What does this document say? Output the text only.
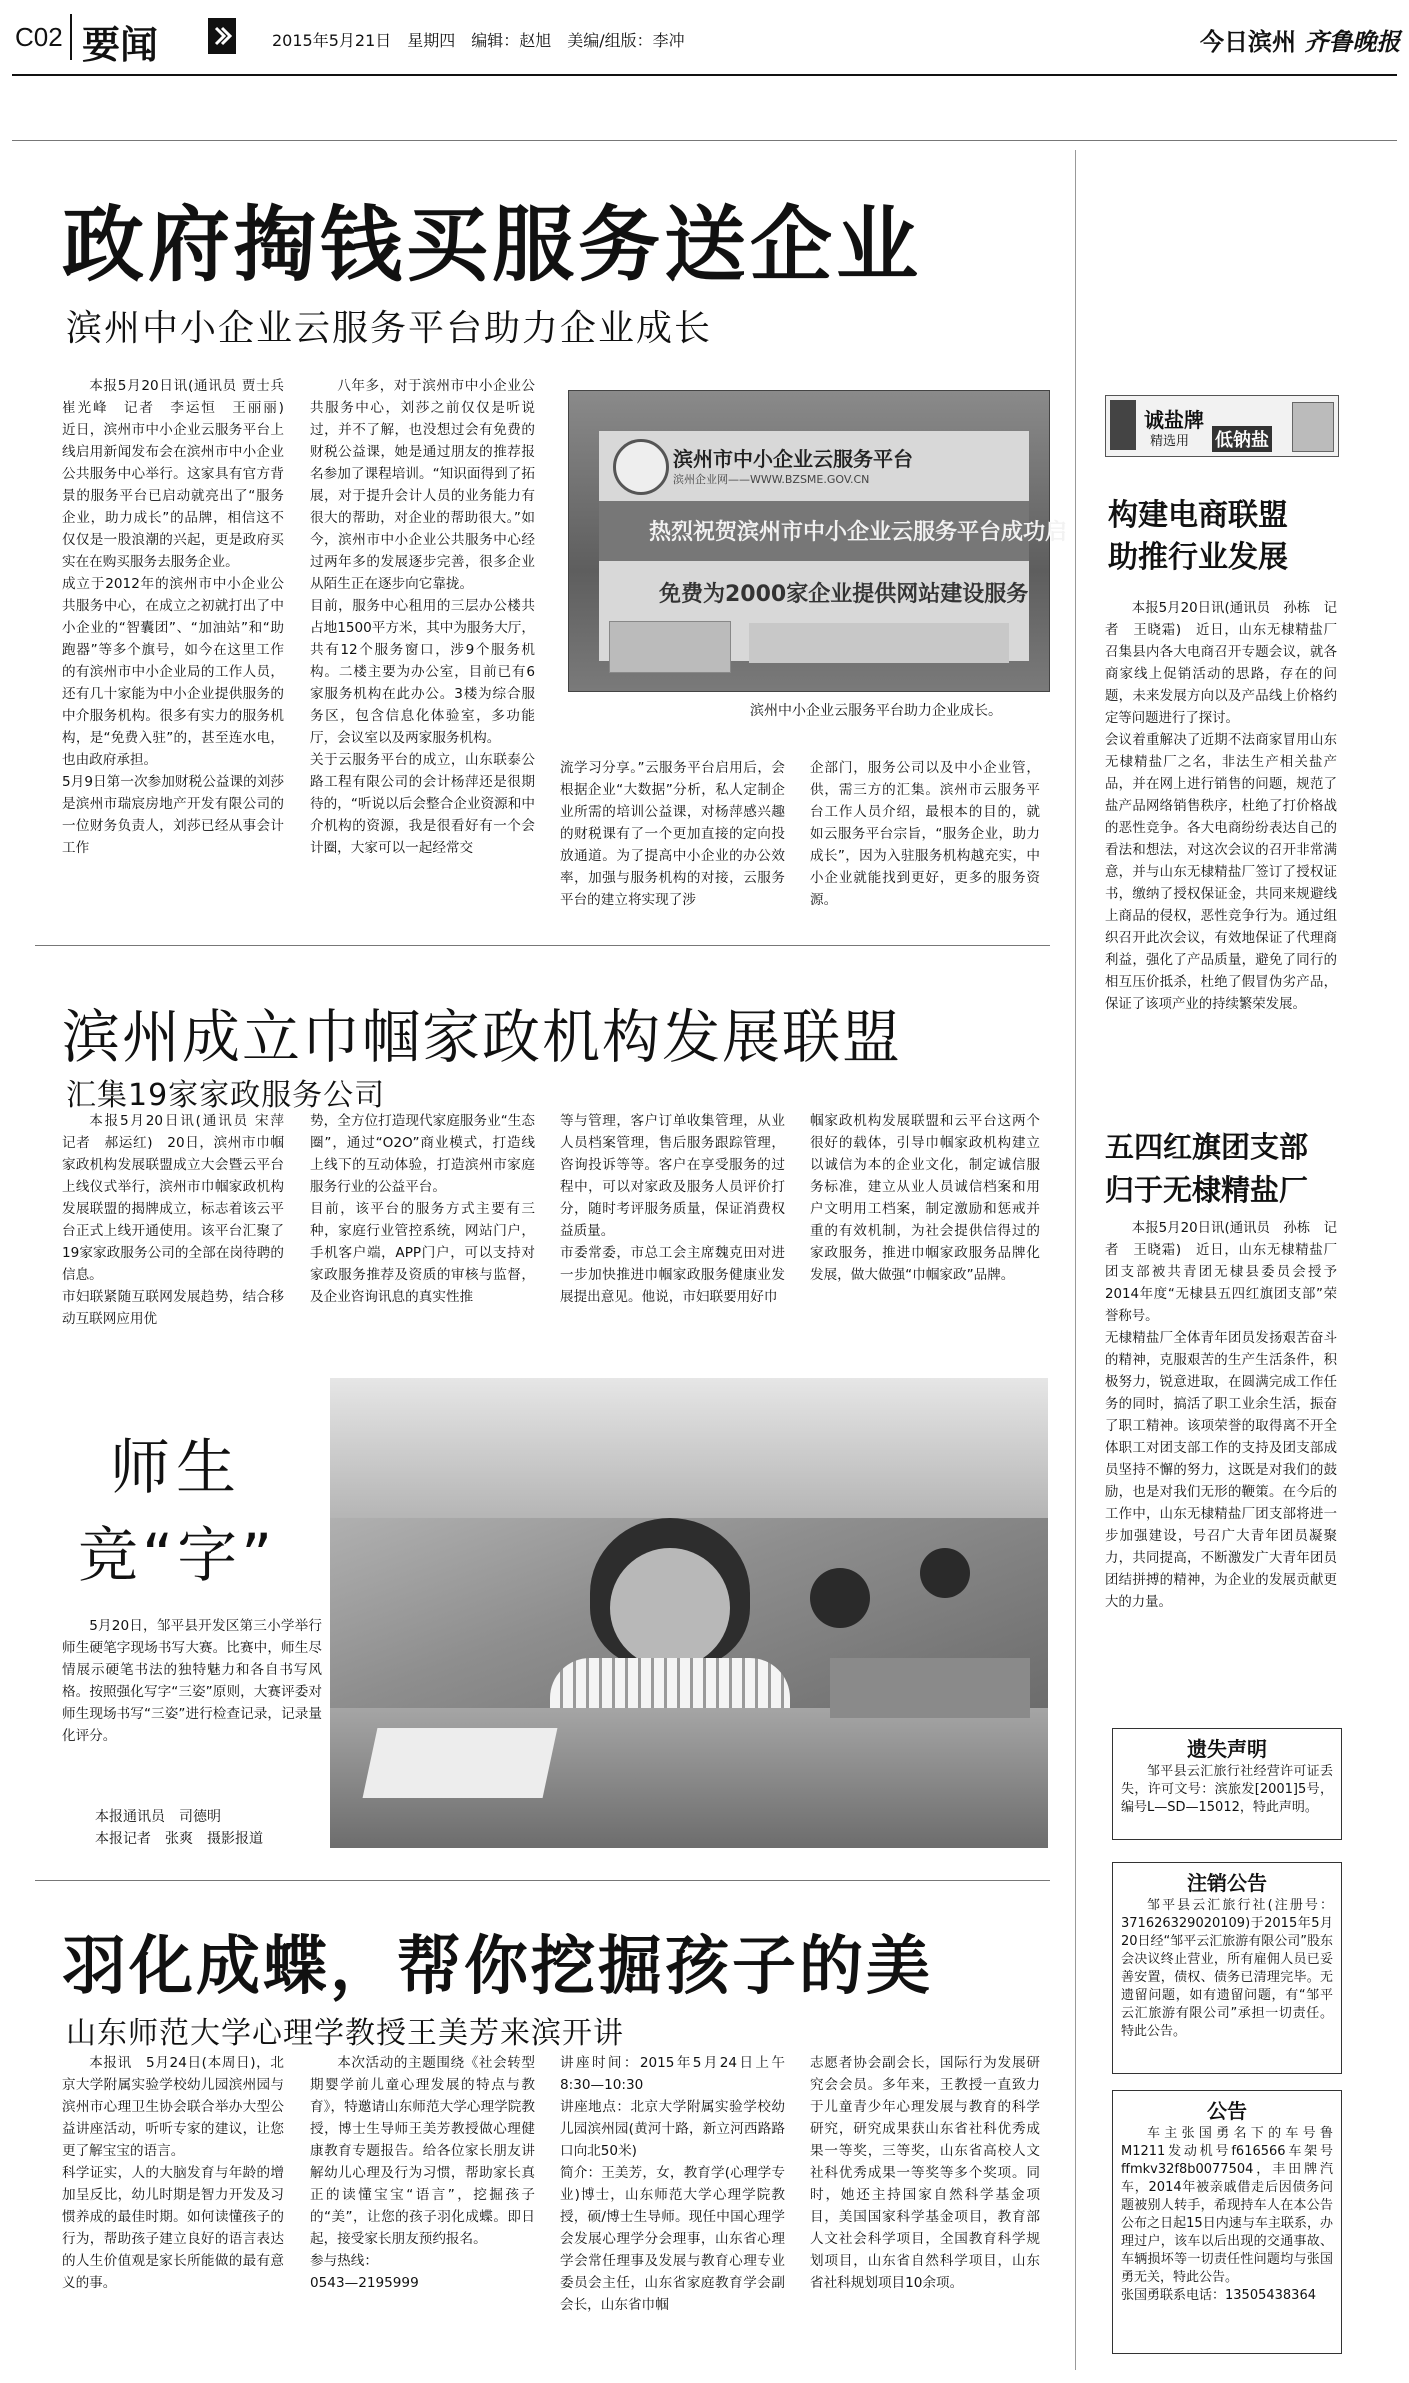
C02 要闻	2015年5月21日　星期四　编辑：赵旭　美编/组版：李冲	今日滨州 齐鲁晚报
政府掏钱买服务送企业
滨州中小企业云服务平台助力企业成长

本报5月20日讯(通讯员 贾士兵　崔光峰　记者　李运恒　王丽丽)　近日，滨州市中小企业云服务平台上线启用新闻发布会在滨州市中小企业公共服务中心举行。这家具有官方背景的服务平台已启动就亮出了“服务企业，助力成长”的品牌，相信这不仅仅是一股浪潮的兴起，更是政府买实在在购买服务去服务企业。
成立于2012年的滨州市中小企业公共服务中心，在成立之初就打出了中小企业的“智囊团”、“加油站”和“助跑器”等多个旗号，如今在这里工作的有滨州市中小企业局的工作人员，还有几十家能为中小企业提供服务的中介服务机构。很多有实力的服务机构，是“免费入驻”的，甚至连水电，也由政府承担。
5月9日第一次参加财税公益课的刘莎是滨州市瑞宸房地产开发有限公司的一位财务负责人，刘莎已经从事会计工作

八年多，对于滨州市中小企业公共服务中心，刘莎之前仅仅是听说过，并不了解，也没想过会有免费的财税公益课，她是通过朋友的推荐报名参加了课程培训。“知识面得到了拓展，对于提升会计人员的业务能力有很大的帮助，对企业的帮助很大。”如今，滨州市中小企业公共服务中心经过两年多的发展逐步完善，很多企业从陌生正在逐步向它靠拢。
目前，服务中心租用的三层办公楼共占地1500平方米，其中为服务大厅，共有12个服务窗口，涉9个服务机构。二楼主要为办公室，目前已有6家服务机构在此办公。3楼为综合服务区，包含信息化体验室，多功能厅，会议室以及两家服务机构。
关于云服务平台的成立，山东联泰公路工程有限公司的会计杨萍还是很期待的，“听说以后会整合企业资源和中介机构的资源，我是很看好有一个会计圈，大家可以一起经常交

滨州市中小企业云服务平台
滨州企业网——WWW.BZSME.GOV.CN
热烈祝贺滨州市中小企业云服务平台成功启
免费为2000家企业提供网站建设服务
滨州中小企业云服务平台助力企业成长。

流学习分享。”云服务平台启用后，会根据企业“大数据”分析，私人定制企业所需的培训公益课，对杨萍感兴趣的财税课有了一个更加直接的定向投放通道。为了提高中小企业的办公效率，加强与服务机构的对接，云服务平台的建立将实现了涉

企部门，服务公司以及中小企业管，供，需三方的汇集。滨州市云服务平台工作人员介绍，最根本的目的，就如云服务平台宗旨，“服务企业，助力成长”，因为入驻服务机构越充实，中小企业就能找到更好，更多的服务资源。

滨州成立巾帼家政机构发展联盟
汇集19家家政服务公司

本报5月20日讯(通讯员 宋萍　记者　郝运红)　20日，滨州市巾帼家政机构发展联盟成立大会暨云平台上线仪式举行，滨州市巾帼家政机构发展联盟的揭牌成立，标志着该云平台正式上线开通使用。该平台汇聚了19家家政服务公司的全部在岗待聘的信息。
市妇联紧随互联网发展趋势，结合移动互联网应用优

势，全方位打造现代家庭服务业“生态圈”，通过“O2O”商业模式，打造线上线下的互动体验，打造滨州市家庭服务行业的公益平台。
目前，该平台的服务方式主要有三种，家庭行业管控系统，网站门户，手机客户端，APP门户，可以支持对家政服务推荐及资质的审核与监督，及企业咨询讯息的真实性推

等与管理，客户订单收集管理，从业人员档案管理，售后服务跟踪管理，咨询投诉等等。客户在享受服务的过程中，可以对家政及服务人员评价打分，随时考评服务质量，保证消费权益质量。
市委常委，市总工会主席魏克田对进一步加快推进巾帼家政服务健康业发展提出意见。他说，市妇联要用好巾

帼家政机构发展联盟和云平台这两个很好的载体，引导巾帼家政机构建立以诚信为本的企业文化，制定诚信服务标准，建立从业人员诚信档案和用户文明用工档案，制定激励和惩戒并重的有效机制，为社会提供信得过的家政服务，推进巾帼家政服务品牌化发展，做大做强“巾帼家政”品牌。

师生
竞“字”

5月20日，邹平县开发区第三小学举行师生硬笔字现场书写大赛。比赛中，师生尽情展示硬笔书法的独特魅力和各自书写风格。按照强化写字“三姿”原则，大赛评委对师生现场书写“三姿”进行检查记录，记录量化评分。

本报通讯员　司德明
本报记者　张爽　摄影报道
羽化成蝶，帮你挖掘孩子的美
山东师范大学心理学教授王美芳来滨开讲

本报讯　5月24日(本周日)，北京大学附属实验学校幼儿园滨州园与滨州市心理卫生协会联合举办大型公益讲座活动，听听专家的建议，让您更了解宝宝的语言。
科学证实，人的大脑发育与年龄的增加呈反比，幼儿时期是智力开发及习惯养成的最佳时期。如何读懂孩子的行为，帮助孩子建立良好的语言表达的人生价值观是家长所能做的最有意义的事。

本次活动的主题围绕《社会转型期婴学前儿童心理发展的特点与教育》，特邀请山东师范大学心理学院教授，博士生导师王美芳教授做心理健康教育专题报告。给各位家长朋友讲解幼儿心理及行为习惯，帮助家长真正的读懂宝宝“语言”，挖掘孩子的“美”，让您的孩子羽化成蝶。即日起，接受家长朋友预约报名。
参与热线：
0543—2195999

讲座时间：2015年5月24日上午8:30—10:30
讲座地点：北京大学附属实验学校幼儿园滨州园(黄河十路，新立河西路路口向北50米)
简介：王美芳，女，教育学(心理学专业)博士，山东师范大学心理学院教授，硕/博士生导师。现任中国心理学会发展心理学分会理事，山东省心理学会常任理事及发展与教育心理专业委员会主任，山东省家庭教育学会副会长，山东省巾帼

志愿者协会副会长，国际行为发展研究会会员。多年来，王教授一直致力于儿童青少年心理发展与教育的科学研究，研究成果获山东省社科优秀成果一等奖，三等奖，山东省高校人文社科优秀成果一等奖等多个奖项。同时，她还主持国家自然科学基金项目，美国国家科学基金项目，教育部人文社会科学项目，全国教育科学规划项目，山东省自然科学项目，山东省社科规划项目10余项。

诚盐牌
精选用 低钠盐
构建电商联盟
助推行业发展

本报5月20日讯(通讯员　孙栋　记者　王晓霜)　近日，山东无棣精盐厂召集县内各大电商召开专题会议，就各商家线上促销活动的思路，存在的问题，未来发展方向以及产品线上价格约定等问题进行了探讨。
会议着重解决了近期不法商家冒用山东无棣精盐厂之名，非法生产相关盐产品，并在网上进行销售的问题，规范了盐产品网络销售秩序，杜绝了打价格战的恶性竞争。各大电商纷纷表达自己的看法和想法，对这次会议的召开非常满意，并与山东无棣精盐厂签订了授权证书，缴纳了授权保证金，共同来规避线上商品的侵权，恶性竞争行为。通过组织召开此次会议，有效地保证了代理商利益，强化了产品质量，避免了同行的相互压价抵杀，杜绝了假冒伪劣产品，保证了该项产业的持续繁荣发展。

五四红旗团支部
归于无棣精盐厂

本报5月20日讯(通讯员　孙栋　记者　王晓霜)　近日，山东无棣精盐厂团支部被共青团无棣县委员会授予2014年度“无棣县五四红旗团支部”荣誉称号。
无棣精盐厂全体青年团员发扬艰苦奋斗的精神，克服艰苦的生产生活条件，积极努力，锐意进取，在圆满完成工作任务的同时，搞活了职工业余生活，振奋了职工精神。该项荣誉的取得离不开全体职工对团支部工作的支持及团支部成员坚持不懈的努力，这既是对我们的鼓励，也是对我们无形的鞭策。在今后的工作中，山东无棣精盐厂团支部将进一步加强建设，号召广大青年团员凝聚力，共同提高，不断激发广大青年团员团结拼搏的精神，为企业的发展贡献更大的力量。

遗失声明

邹平县云汇旅行社经营许可证丢失，许可文号：滨旅发[2001]5号，编号L—SD—15012，特此声明。

注销公告

邹平县云汇旅行社(注册号：371626329020109)于2015年5月20日经“邹平云汇旅游有限公司”股东会决议终止营业，所有雇佣人员已妥善安置，债权、债务已清理完毕。无遗留问题，如有遗留问题，有“邹平云汇旅游有限公司”承担一切责任。特此公告。

公告

车主张国勇名下的车号鲁M1211发动机号f616566车架号ffmkv32f8b0077504，丰田牌汽车，2014年被亲戚借走后因债务问题被别人转手，希现持车人在本公告公布之日起15日内速与车主联系，办理过户，该车以后出现的交通事故、车辆损坏等一切责任性问题均与张国勇无关，特此公告。
张国勇联系电话：13505438364
